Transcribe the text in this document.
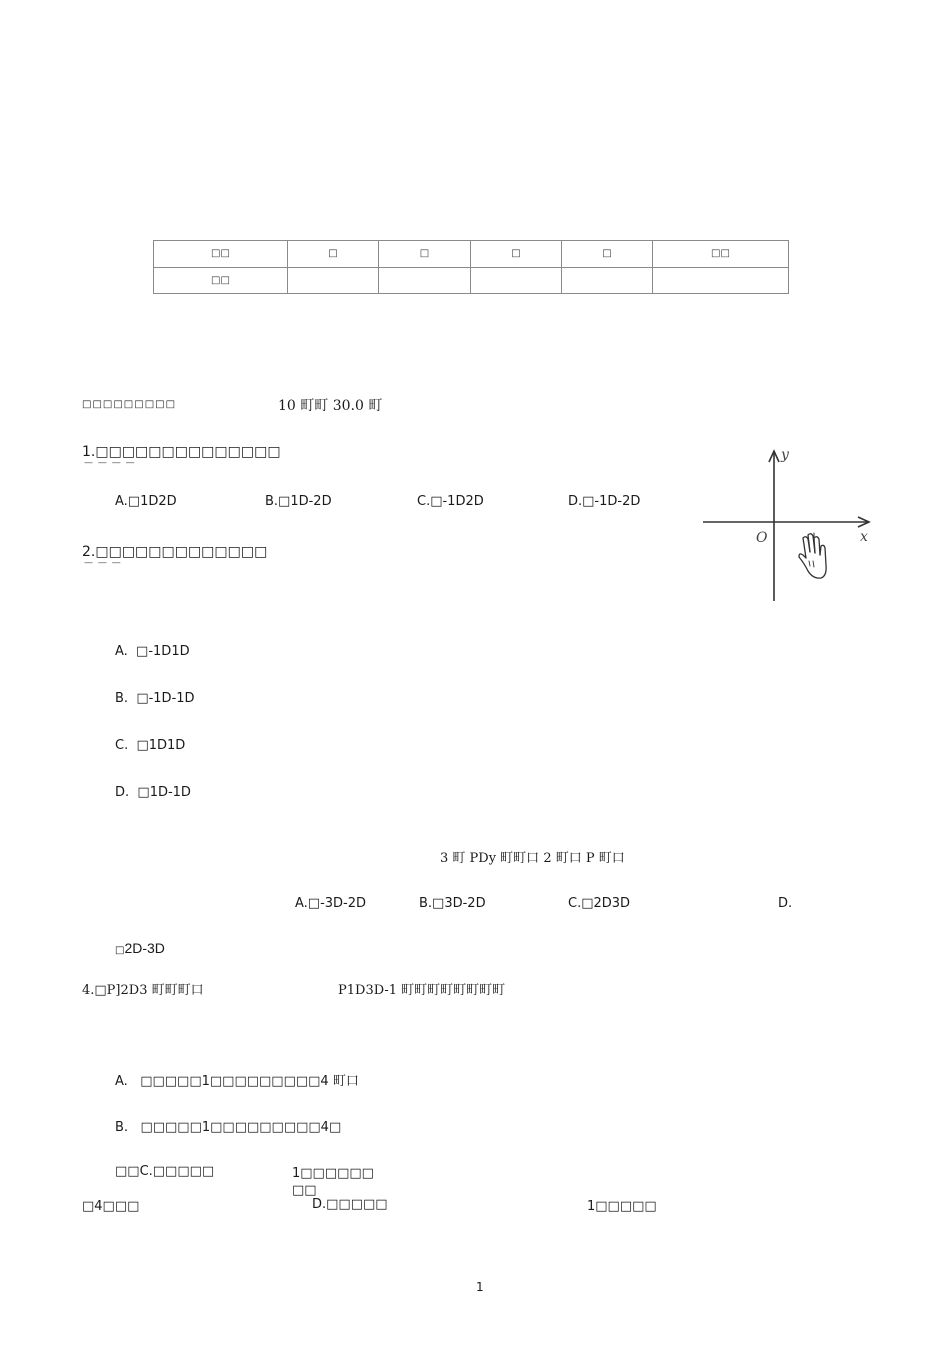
□□	□	□	□	□	□□
□□					
□□□□□□□□□	10 町町 30.0 町
1.□□□□□□□□□□□□□□
— — — —
A.□1D2D	B.□1D-2D	C.□-1D2D	D.□-1D-2D
y
x
O
2.□□□□□□□□□□□□□
— — —
A.  □-1D1D
B.  □-1D-1D
C.  □1D1D
D.  □1D-1D
3 町 PDy 町町口 2 町口 P 町口
A.□-3D-2D	B.□3D-2D	C.□2D3D	D.
□2D-3D
4.□P]2D3 町町町口	P1D3D-1 町町町町町町町町
A.   □□□□□1□□□□□□□□□4 町口
B.   □□□□□1□□□□□□□□□4□
□□C.□□□□□	1□□□□□□
□□
□4□□□	D.□□□□□	1□□□□□
1
